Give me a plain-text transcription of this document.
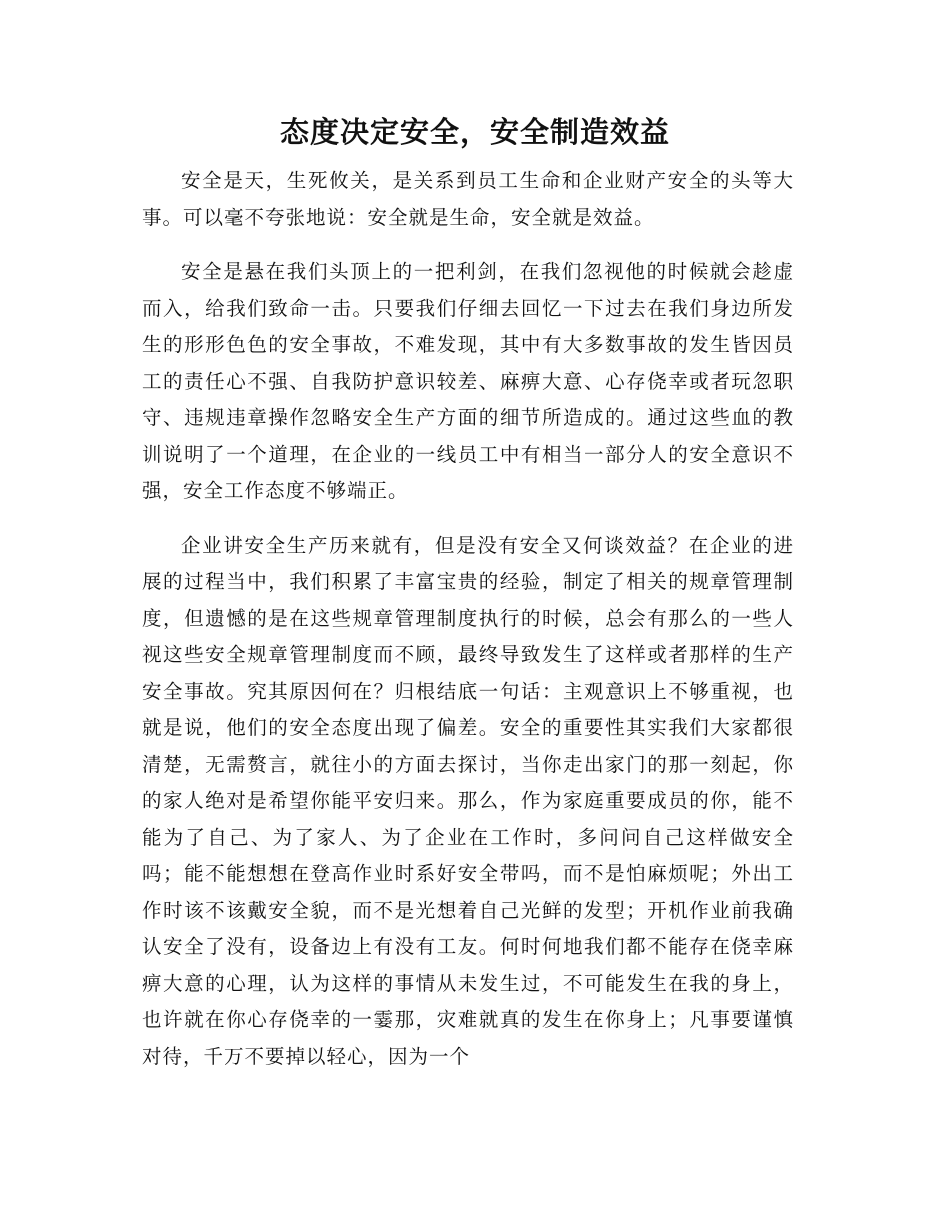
态度决定安全，安全制造效益

安全是天，生死攸关，是关系到员工生命和企业财产安全的头等大事。可以毫不夸张地说：安全就是生命，安全就是效益。

安全是悬在我们头顶上的一把利剑，在我们忽视他的时候就会趁虚而入，给我们致命一击。只要我们仔细去回忆一下过去在我们身边所发生的形形色色的安全事故，不难发现，其中有大多数事故的发生皆因员工的责任心不强、自我防护意识较差、麻痹大意、心存侥幸或者玩忽职守、违规违章操作忽略安全生产方面的细节所造成的。通过这些血的教训说明了一个道理，在企业的一线员工中有相当一部分人的安全意识不强，安全工作态度不够端正。

企业讲安全生产历来就有，但是没有安全又何谈效益？在企业的进展的过程当中，我们积累了丰富宝贵的经验，制定了相关的规章管理制度，但遗憾的是在这些规章管理制度执行的时候，总会有那么的一些人视这些安全规章管理制度而不顾，最终导致发生了这样或者那样的生产安全事故。究其原因何在？归根结底一句话：主观意识上不够重视，也就是说，他们的安全态度出现了偏差。安全的重要性其实我们大家都很清楚，无需赘言，就往小的方面去探讨，当你走出家门的那一刻起，你的家人绝对是希望你能平安归来。那么，作为家庭重要成员的你，能不能为了自己、为了家人、为了企业在工作时，多问问自己这样做安全吗；能不能想想在登高作业时系好安全带吗，而不是怕麻烦呢；外出工作时该不该戴安全貌，而不是光想着自己光鲜的发型；开机作业前我确认安全了没有，设备边上有没有工友。何时何地我们都不能存在侥幸麻痹大意的心理，认为这样的事情从未发生过，不可能发生在我的身上，也许就在你心存侥幸的一霎那，灾难就真的发生在你身上；凡事要谨慎对待，千万不要掉以轻心，因为一个
